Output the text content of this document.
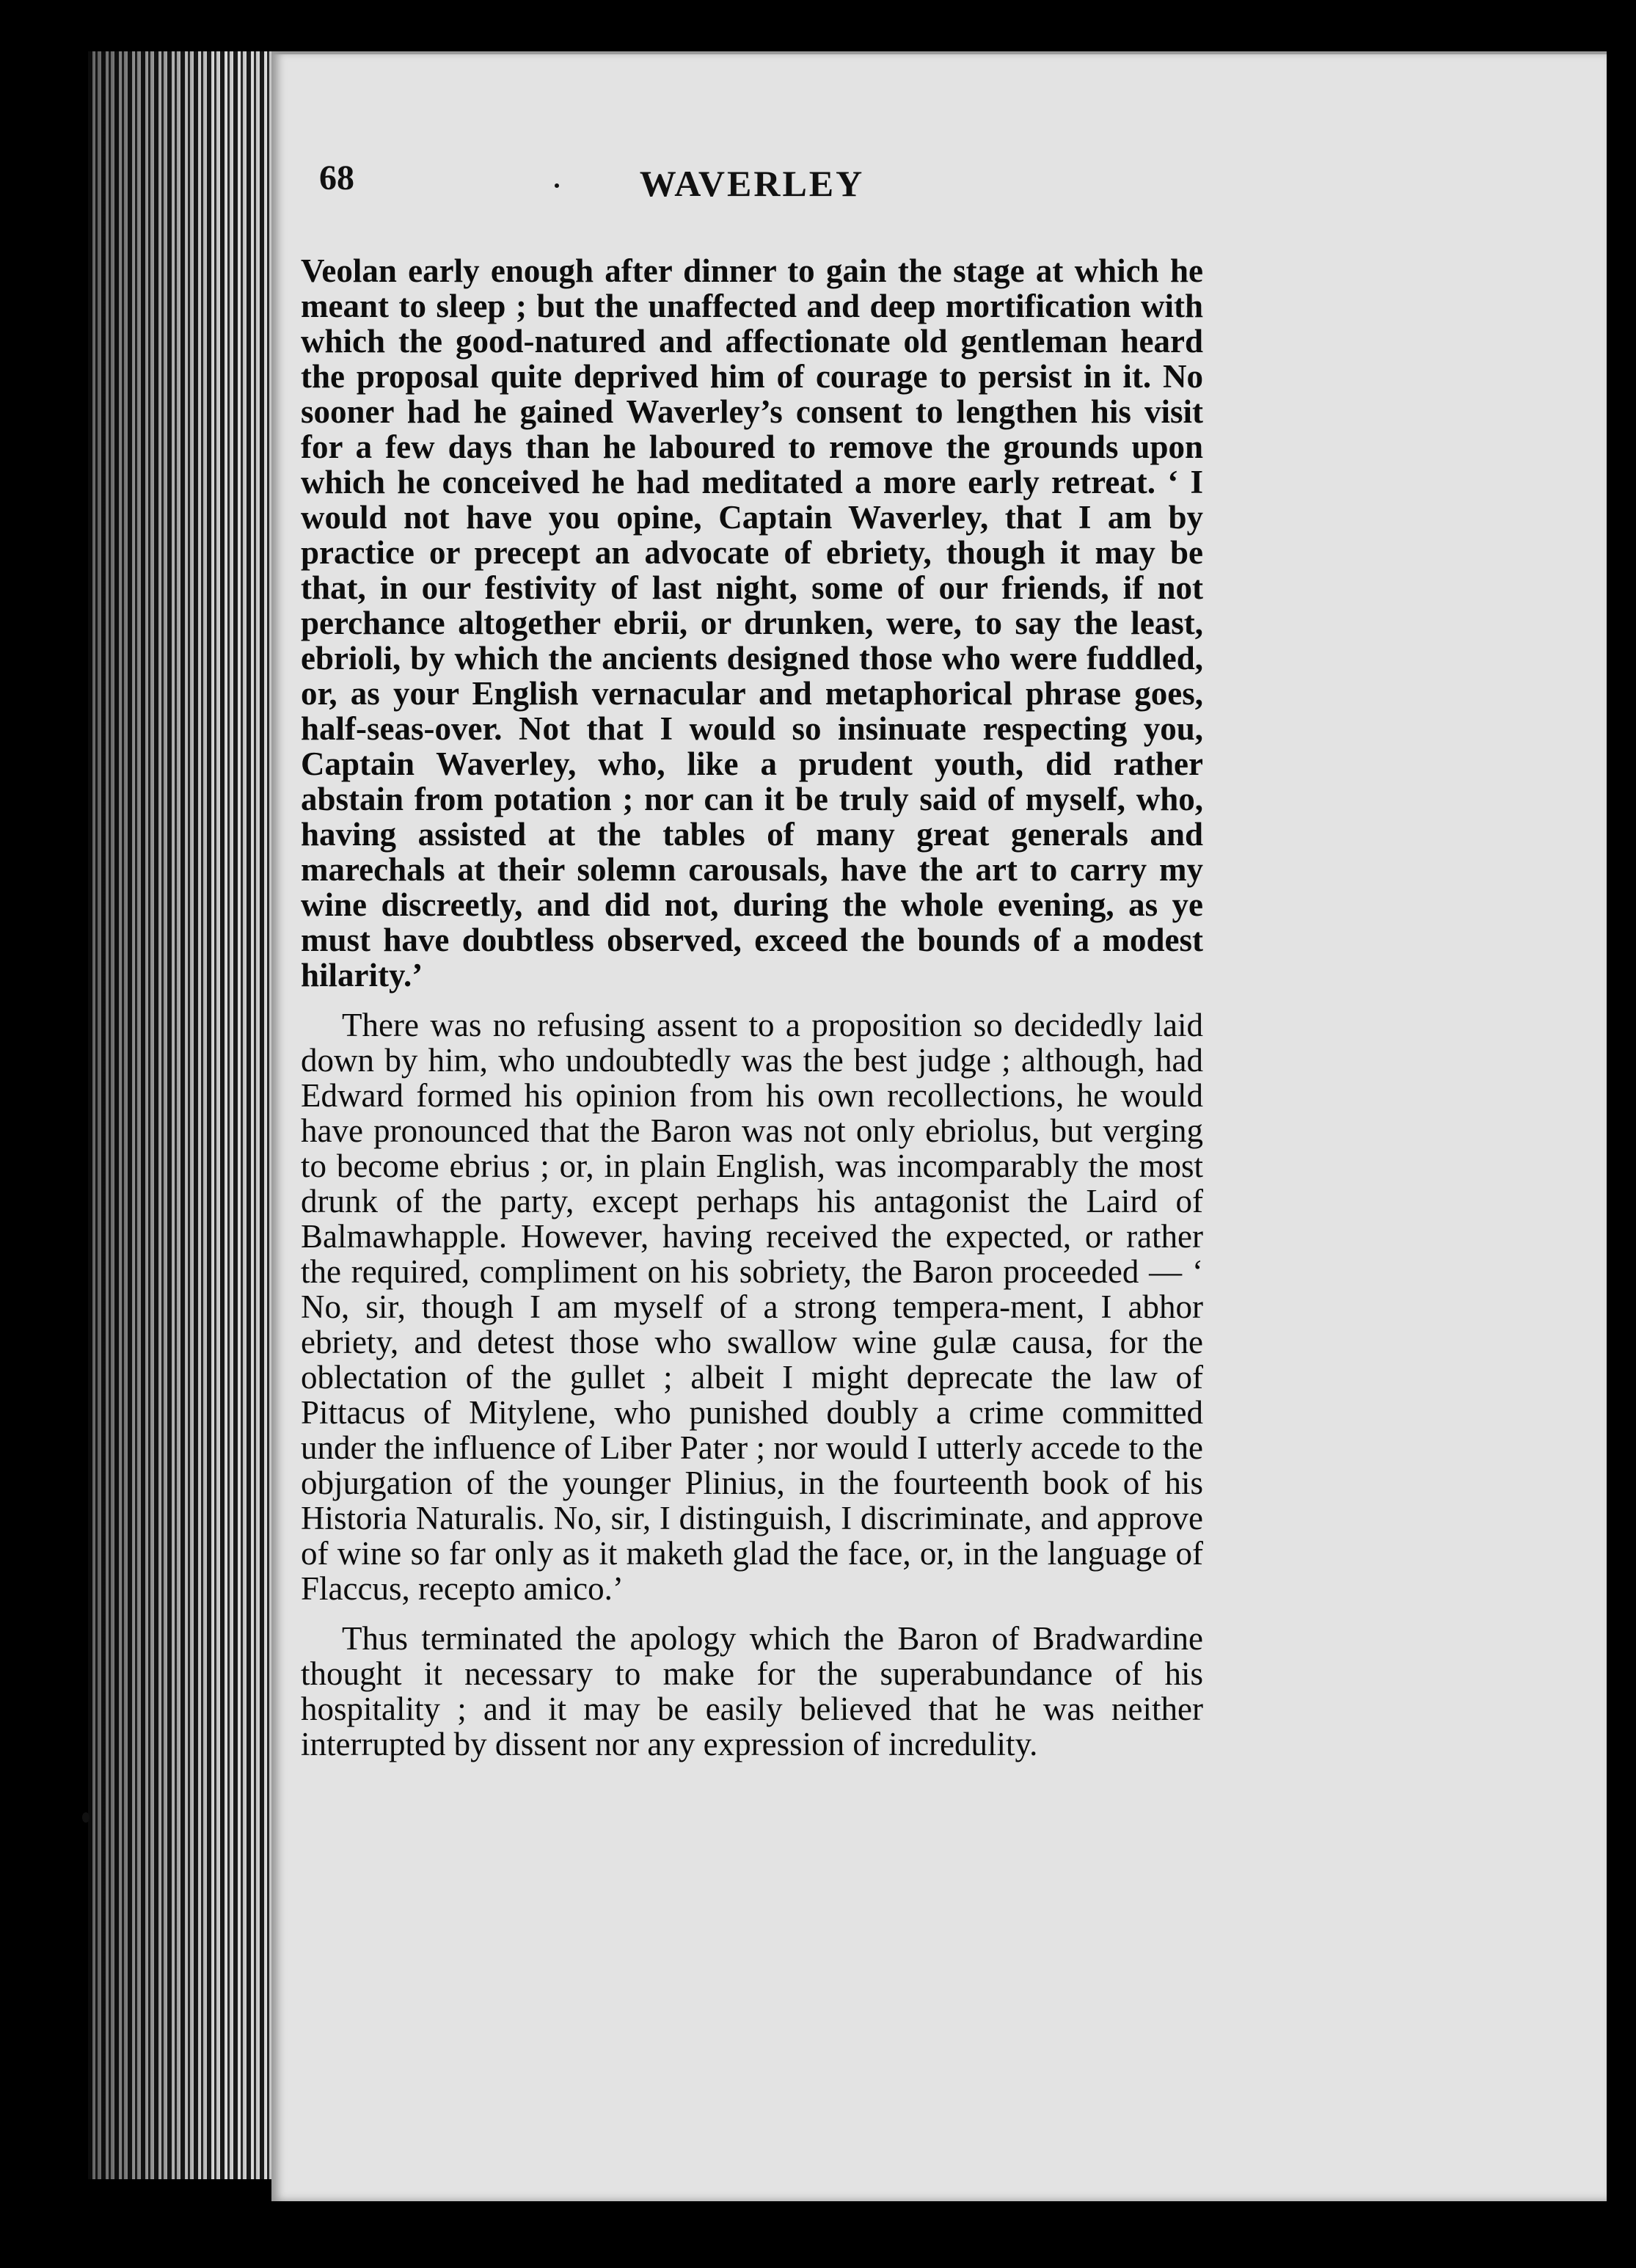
68	WAVERLEY

Veolan early enough after dinner to gain the stage at which he meant to sleep ; but the unaffected and deep mortification with which the good-natured and affectionate old gentleman heard the proposal quite deprived him of courage to persist in it. No sooner had he gained Waverley’s consent to lengthen his visit for a few days than he laboured to remove the grounds upon which he conceived he had meditated a more early retreat. ‘ I would not have you opine, Captain Waverley, that I am by practice or precept an advocate of ebriety, though it may be that, in our festivity of last night, some of our friends, if not perchance altogether ebrii, or drunken, were, to say the least, ebrioli, by which the ancients designed those who were fuddled, or, as your English vernacular and metaphorical phrase goes, half-seas-over. Not that I would so insinuate respecting you, Captain Waverley, who, like a prudent youth, did rather abstain from potation ; nor can it be truly said of myself, who, having assisted at the tables of many great generals and marechals at their solemn carousals, have the art to carry my wine discreetly, and did not, during the whole evening, as ye must have doubtless observed, exceed the bounds of a modest hilarity.’

There was no refusing assent to a proposition so decidedly laid down by him, who undoubtedly was the best judge ; although, had Edward formed his opinion from his own recollections, he would have pronounced that the Baron was not only ebriolus, but verging to become ebrius ; or, in plain English, was incomparably the most drunk of the party, except perhaps his antagonist the Laird of Balmawhapple. However, having received the expected, or rather the required, compliment on his sobriety, the Baron proceeded — ‘ No, sir, though I am myself of a strong tempera-ment, I abhor ebriety, and detest those who swallow wine gulæ causa, for the oblectation of the gullet ; albeit I might deprecate the law of Pittacus of Mitylene, who punished doubly a crime committed under the influence of Liber Pater ; nor would I utterly accede to the objurgation of the younger Plinius, in the fourteenth book of his Historia Naturalis. No, sir, I distinguish, I discriminate, and approve of wine so far only as it maketh glad the face, or, in the language of Flaccus, recepto amico.’

Thus terminated the apology which the Baron of Bradwardine thought it necessary to make for the superabundance of his hospitality ; and it may be easily believed that he was neither interrupted by dissent nor any expression of incredulity.
